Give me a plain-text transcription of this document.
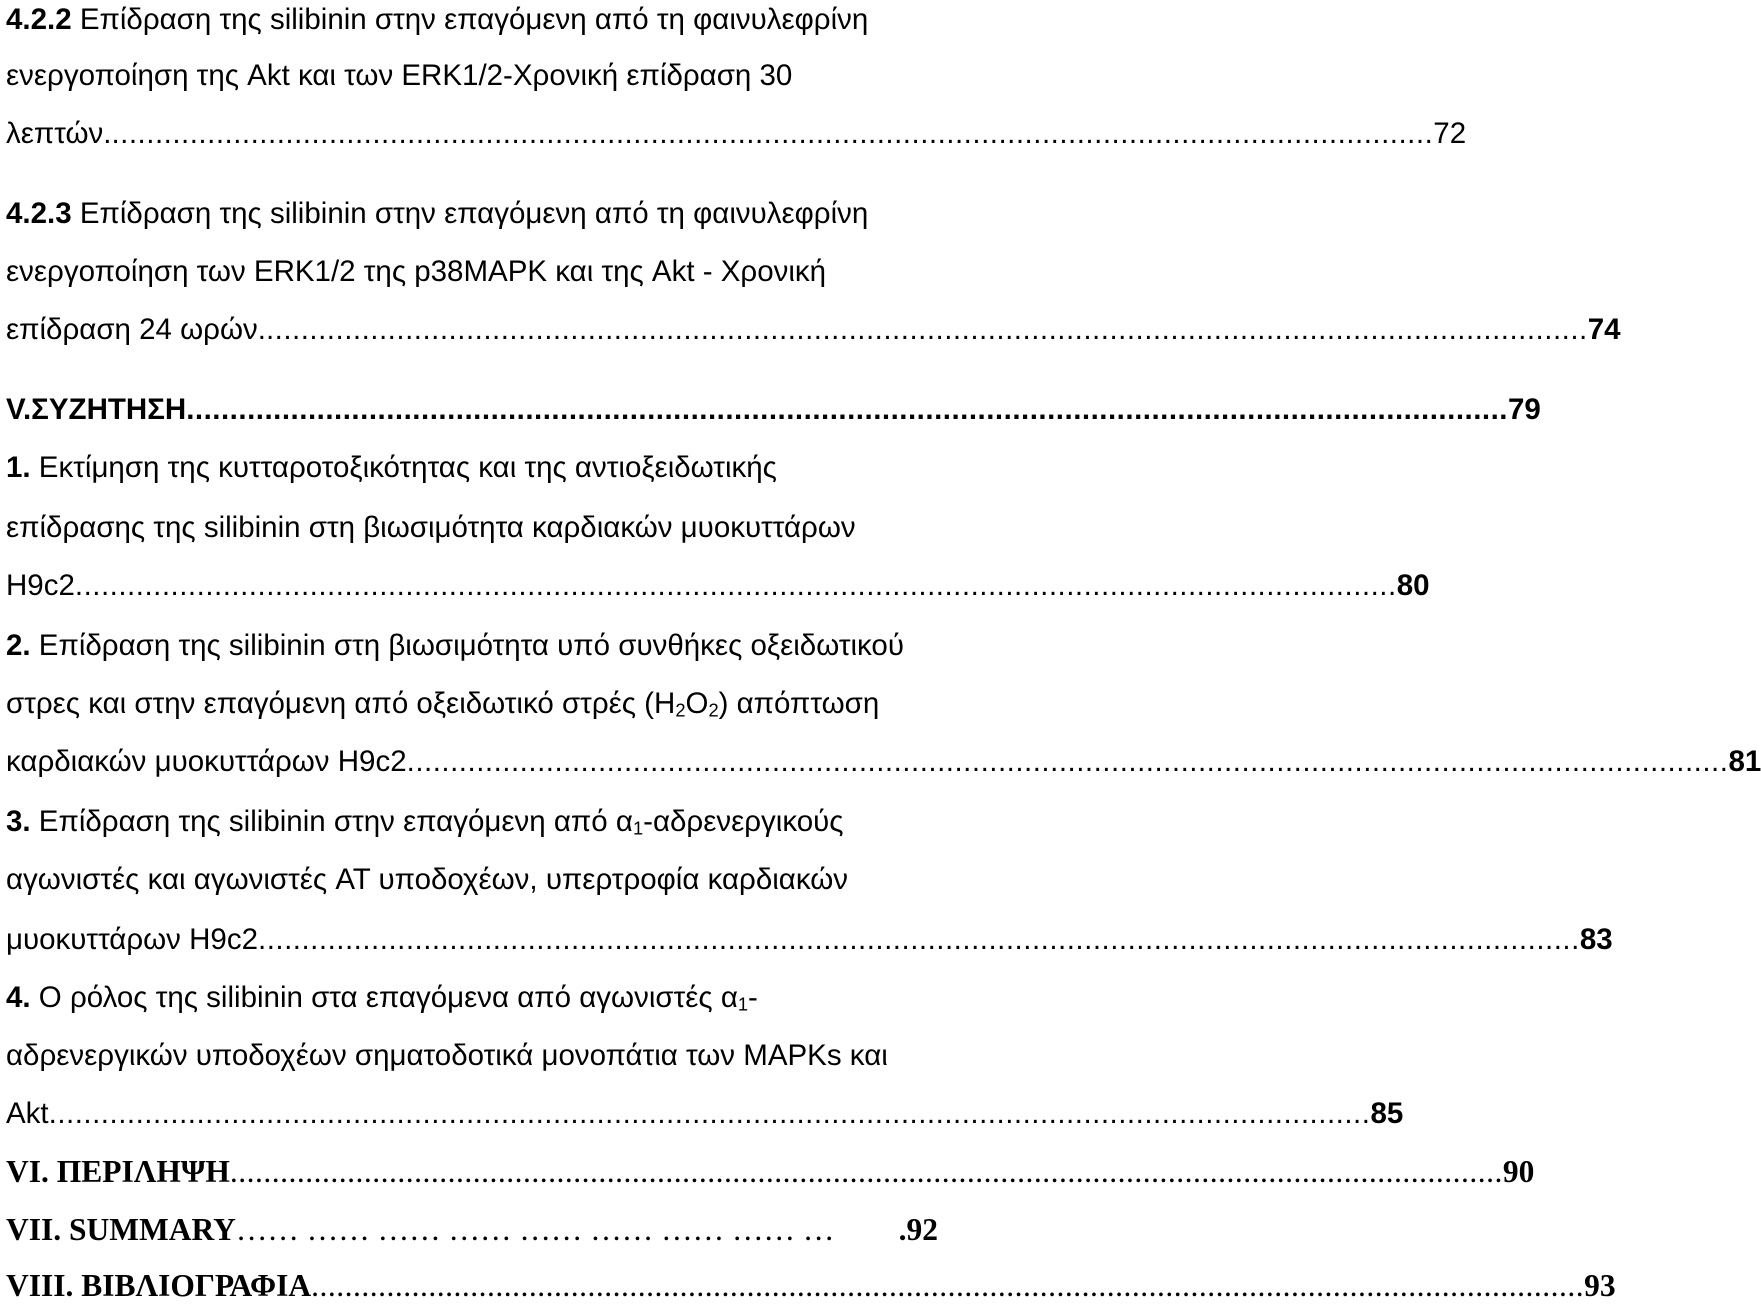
4.2.2 Επίδραση της silibinin στην επαγόμενη από τη φαινυλεφρίνη
ενεργοποίηση της Akt και των ERK1/2-Χρονική επίδραση 30
λεπτών. ........................................................................................................................................................ 72
4.2.3 Επίδραση της silibinin στην επαγόμενη από τη φαινυλεφρίνη
ενεργοποίηση των ERK1/2 της p38MAPK και της Akt - Χρονική
επίδραση 24 ωρών. ........................................................................................................................................................ 74
V.ΣΥΖΗΤΗΣΗ ........................................................................................................................................................ 79
1. Εκτίμηση της κυτταροτοξικότητας και της αντιοξειδωτικής
επίδρασης της silibinin στη βιωσιμότητα καρδιακών μυοκυττάρων
H9c2 ........................................................................................................................................................ 80
2. Επίδραση της silibinin στη βιωσιμότητα υπό συνθήκες οξειδωτικού
στρες και στην επαγόμενη από οξειδωτικό στρές $(H_2O_2)$ απόπτωση
καρδιακών μυοκυττάρων H9c2 ........................................................................................................................................................ 81
3. Επίδραση της silibinin στην επαγόμενη από $\alpha_1$-αδρενεργικούς
αγωνιστές και αγωνιστές AT υποδοχέων, υπερτροφία καρδιακών
μυοκυττάρων H9c2 ........................................................................................................................................................ 83
4. Ο ρόλος της silibinin στα επαγόμενα από αγωνιστές $\alpha_1-$
αδρενεργικών υποδοχέων σηματοδοτικά μονοπάτια των MAPKs και
Akt ........................................................................................................................................................ 85
VI. ΠΕΡΙΛΗΨΗ ........................................................................................................................................................ 90
VII. SUMMARY …… …… …… …… …… …… …… …… …	.92
VIII. ΒΙΒΛΙΟΓΡΑΦΙΑ ........................................................................................................................................................ 93
